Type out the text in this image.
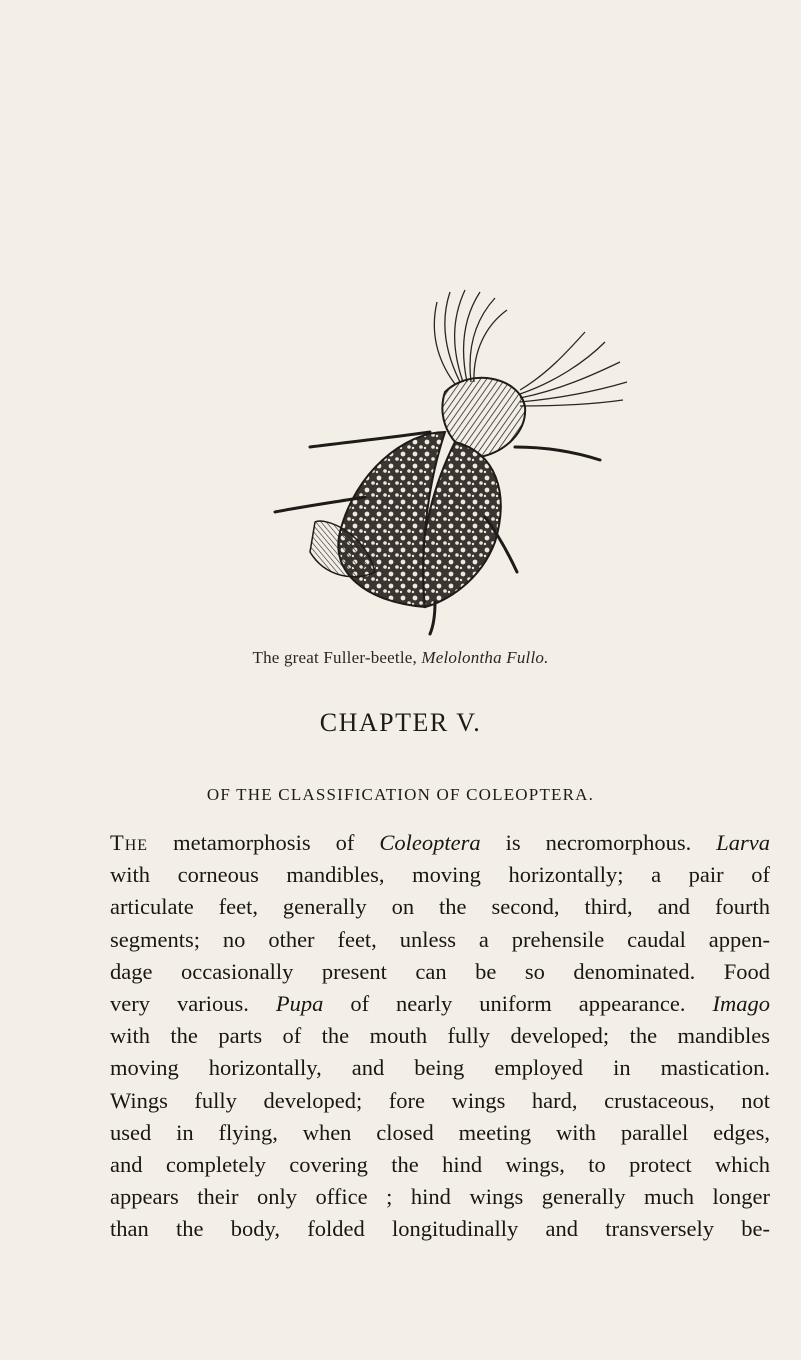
The great Fuller-beetle, Melolontha Fullo.
CHAPTER V.
OF THE CLASSIFICATION OF COLEOPTERA.
The metamorphosis of Coleoptera is necromorphous. Larva
with corneous mandibles, moving horizontally; a pair of
articulate feet, generally on the second, third, and fourth
segments; no other feet, unless a prehensile caudal appen-
dage occasionally present can be so denominated. Food
very various. Pupa of nearly uniform appearance. Imago
with the parts of the mouth fully developed; the mandibles
moving horizontally, and being employed in mastication.
Wings fully developed; fore wings hard, crustaceous, not
used in flying, when closed meeting with parallel edges,
and completely covering the hind wings, to protect which
appears their only office ; hind wings generally much longer
than the body, folded longitudinally and transversely be-
